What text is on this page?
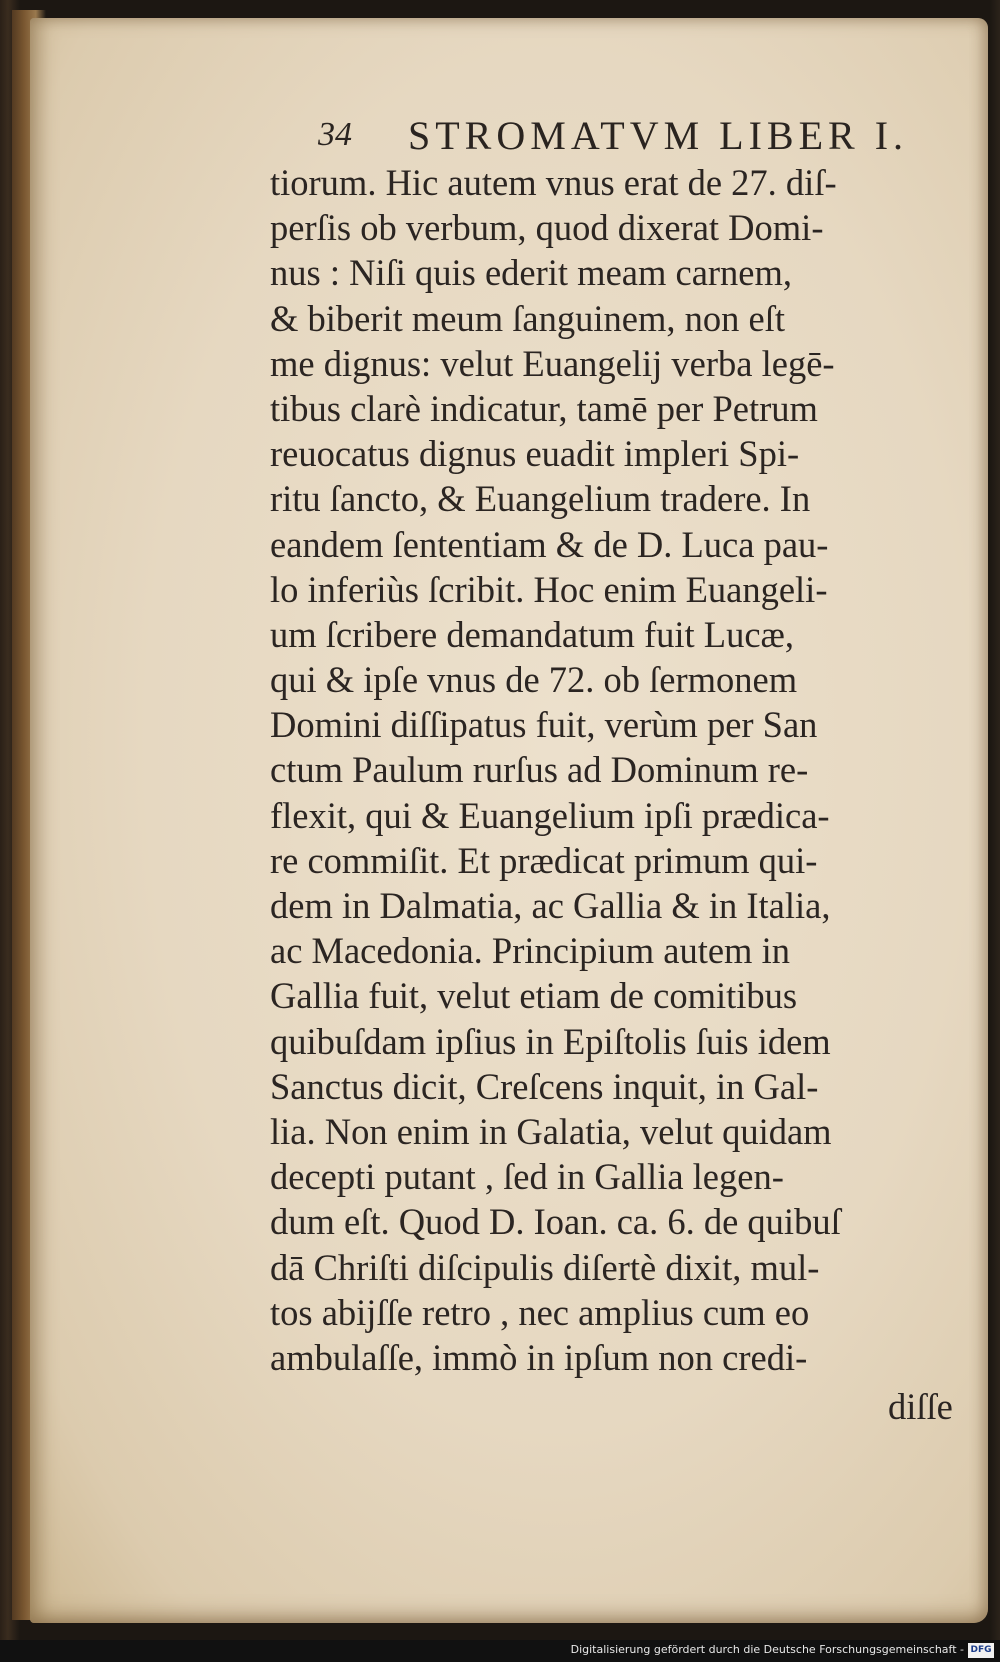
34 STROMATVM LIBER I.
tiorum. Hic autem vnus erat de 27. diſ-
perſis ob verbum, quod dixerat Domi-
nus : Niſi quis ederit meam carnem,
& biberit meum ſanguinem, non eſt
me dignus: velut Euangelij verba legē-
tibus clarè indicatur, tamē per Petrum
reuocatus dignus euadit impleri Spi-
ritu ſancto, & Euangelium tradere. In
eandem ſententiam & de D. Luca pau-
lo inferiùs ſcribit. Hoc enim Euangeli-
um ſcribere demandatum fuit Lucæ,
qui & ipſe vnus de 72. ob ſermonem
Domini diſſipatus fuit, verùm per San
ctum Paulum rurſus ad Dominum re-
flexit, qui & Euangelium ipſi prædica-
re commiſit. Et prædicat primum qui-
dem in Dalmatia, ac Gallia & in Italia,
ac Macedonia. Principium autem in
Gallia fuit, velut etiam de comitibus
quibuſdam ipſius in Epiſtolis ſuis idem
Sanctus dicit, Creſcens inquit, in Gal-
lia. Non enim in Galatia, velut quidam
decepti putant , ſed in Gallia legen-
dum eſt. Quod D. Ioan. ca. 6. de quibuſ
dā Chriſti diſcipulis diſertè dixit, mul-
tos abijſſe retro , nec amplius cum eo
ambulaſſe, immò in ipſum non credi-
diſſe
Digitalisierung gefördert durch die Deutsche Forschungsgemeinschaft - DFG
